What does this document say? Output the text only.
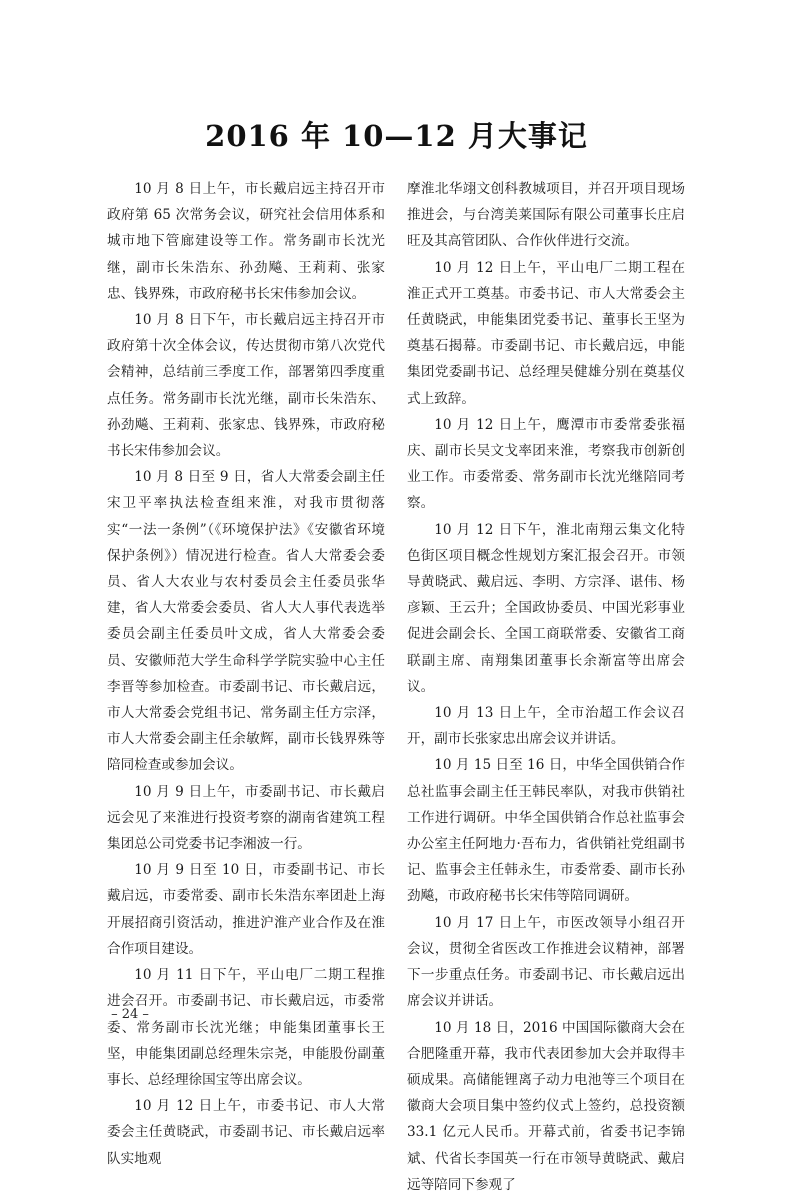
2016 年 10—12 月大事记

10 月 8 日上午，市长戴启远主持召开市政府第 65 次常务会议，研究社会信用体系和城市地下管廊建设等工作。常务副市长沈光继，副市长朱浩东、孙劲飚、王莉莉、张家忠、钱界殊，市政府秘书长宋伟参加会议。

10 月 8 日下午，市长戴启远主持召开市政府第十次全体会议，传达贯彻市第八次党代会精神，总结前三季度工作，部署第四季度重点任务。常务副市长沈光继，副市长朱浩东、孙劲飚、王莉莉、张家忠、钱界殊，市政府秘书长宋伟参加会议。

10 月 8 日至 9 日，省人大常委会副主任宋卫平率执法检查组来淮，对我市贯彻落实“一法一条例”（《环境保护法》《安徽省环境保护条例》）情况进行检查。省人大常委会委员、省人大农业与农村委员会主任委员张华建，省人大常委会委员、省人大人事代表选举委员会副主任委员叶文成，省人大常委会委员、安徽师范大学生命科学学院实验中心主任李晋等参加检查。市委副书记、市长戴启远，市人大常委会党组书记、常务副主任方宗泽，市人大常委会副主任余敏辉，副市长钱界殊等陪同检查或参加会议。

10 月 9 日上午，市委副书记、市长戴启远会见了来淮进行投资考察的湖南省建筑工程集团总公司党委书记李湘波一行。

10 月 9 日至 10 日，市委副书记、市长戴启远，市委常委、副市长朱浩东率团赴上海开展招商引资活动，推进沪淮产业合作及在淮合作项目建设。

10 月 11 日下午，平山电厂二期工程推进会召开。市委副书记、市长戴启远，市委常委、常务副市长沈光继；申能集团董事长王坚，申能集团副总经理朱宗尧，申能股份副董事长、总经理徐国宝等出席会议。

10 月 12 日上午，市委书记、市人大常委会主任黄晓武，市委副书记、市长戴启远率队实地观

摩淮北华翊文创科教城项目，并召开项目现场推进会，与台湾美莱国际有限公司董事长庄启旺及其高管团队、合作伙伴进行交流。

10 月 12 日上午，平山电厂二期工程在淮正式开工奠基。市委书记、市人大常委会主任黄晓武，申能集团党委书记、董事长王坚为奠基石揭幕。市委副书记、市长戴启远，申能集团党委副书记、总经理吴健雄分别在奠基仪式上致辞。

10 月 12 日上午，鹰潭市市委常委张福庆、副市长吴文戈率团来淮，考察我市创新创业工作。市委常委、常务副市长沈光继陪同考察。

10 月 12 日下午，淮北南翔云集文化特色街区项目概念性规划方案汇报会召开。市领导黄晓武、戴启远、李明、方宗泽、谌伟、杨彦颖、王云升；全国政协委员、中国光彩事业促进会副会长、全国工商联常委、安徽省工商联副主席、南翔集团董事长余渐富等出席会议。

10 月 13 日上午，全市治超工作会议召开，副市长张家忠出席会议并讲话。

10 月 15 日至 16 日，中华全国供销合作总社监事会副主任王韩民率队，对我市供销社工作进行调研。中华全国供销合作总社监事会办公室主任阿地力·吾布力，省供销社党组副书记、监事会主任韩永生，市委常委、副市长孙劲飚，市政府秘书长宋伟等陪同调研。

10 月 17 日上午，市医改领导小组召开会议，贯彻全省医改工作推进会议精神，部署下一步重点任务。市委副书记、市长戴启远出席会议并讲话。

10 月 18 日，2016 中国国际徽商大会在合肥隆重开幕，我市代表团参加大会并取得丰硕成果。高储能锂离子动力电池等三个项目在徽商大会项目集中签约仪式上签约，总投资额 33.1 亿元人民币。开幕式前，省委书记李锦斌、代省长李国英一行在市领导黄晓武、戴启远等陪同下参观了

– 24 –
